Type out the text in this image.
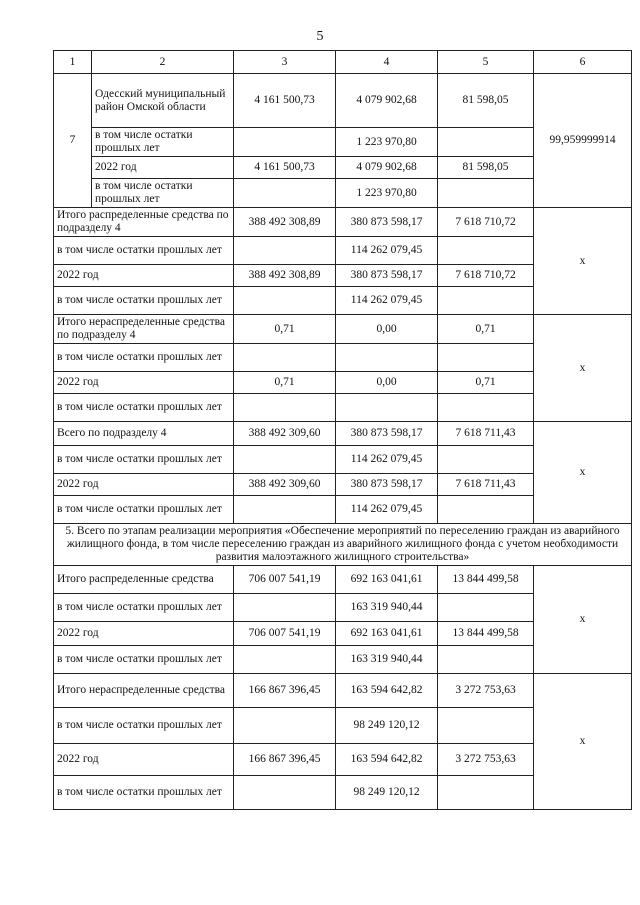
5
1	2	3	4	5	6
7	Одесский муниципальный район Омской области	4 161 500,73	4 079 902,68	81 598,05	99,959999914
	в том числе остатки прошлых лет		1 223 970,80		
	2022 год	4 161 500,73	4 079 902,68	81 598,05	
	в том числе остатки прошлых лет		1 223 970,80		
Итого распределенные средства по подразделу 4		388 492 308,89	380 873 598,17	7 618 710,72	х
в том числе остатки прошлых лет			114 262 079,45		
2022 год		388 492 308,89	380 873 598,17	7 618 710,72	
в том числе остатки прошлых лет			114 262 079,45		
Итого нераспределенные средства по подразделу 4		0,71	0,00	0,71	х
в том числе остатки прошлых лет					
2022 год		0,71	0,00	0,71	
в том числе остатки прошлых лет					
Всего по подразделу 4		388 492 309,60	380 873 598,17	7 618 711,43	х
в том числе остатки прошлых лет			114 262 079,45		
2022 год		388 492 309,60	380 873 598,17	7 618 711,43	
в том числе остатки прошлых лет			114 262 079,45		
5. Всего по этапам реализации мероприятия «Обеспечение мероприятий по переселению граждан из аварийного жилищного фонда, в том числе переселению граждан из аварийного жилищного фонда с учетом необходимости развития малоэтажного жилищного строительства»					
Итого распределенные средства		706 007 541,19	692 163 041,61	13 844 499,58	х
в том числе остатки прошлых лет			163 319 940,44		
2022 год		706 007 541,19	692 163 041,61	13 844 499,58	
в том числе остатки прошлых лет			163 319 940,44		
Итого нераспределенные средства		166 867 396,45	163 594 642,82	3 272 753,63	х
в том числе остатки прошлых лет			98 249 120,12		
2022 год		166 867 396,45	163 594 642,82	3 272 753,63	
в том числе остатки прошлых лет			98 249 120,12		
